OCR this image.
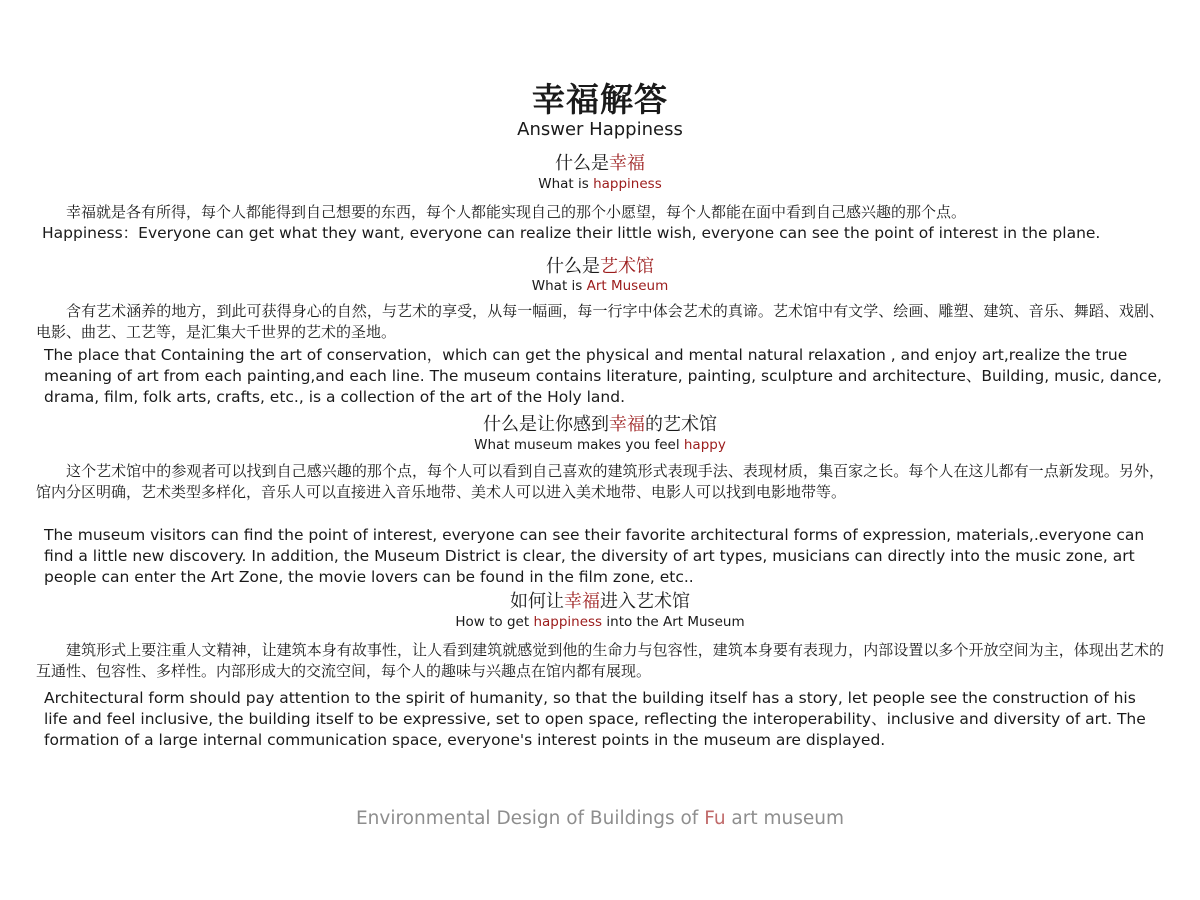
幸福解答
Answer Happiness
什么是幸福
What is happiness
幸福就是各有所得，每个人都能得到自己想要的东西，每个人都能实现自己的那个小愿望，每个人都能在面中看到自己感兴趣的那个点。
Happiness：Everyone can get what they want, everyone can realize their little wish, everyone can see the point of interest in the plane.
什么是艺术馆
What is Art Museum
含有艺术涵养的地方，到此可获得身心的自然，与艺术的享受，从每一幅画，每一行字中体会艺术的真谛。艺术馆中有文学、绘画、雕塑、建筑、音乐、舞蹈、戏剧、电影、曲艺、工艺等，是汇集大千世界的艺术的圣地。
The place that Containing the art of conservation，which can get the physical and mental natural relaxation , and enjoy art,realize the true meaning of art from each painting,and each line. The museum contains literature, painting, sculpture and architecture、Building, music, dance, drama, film, folk arts, crafts, etc., is a collection of the art of the Holy land.
什么是让你感到幸福的艺术馆
What museum makes you feel happy
这个艺术馆中的参观者可以找到自己感兴趣的那个点，每个人可以看到自己喜欢的建筑形式表现手法、表现材质，集百家之长。每个人在这儿都有一点新发现。另外，馆内分区明确，艺术类型多样化，音乐人可以直接进入音乐地带、美术人可以进入美术地带、电影人可以找到电影地带等。
The museum visitors can find the point of interest, everyone can see their favorite architectural forms of expression, materials,.everyone can find a little new discovery. In addition, the Museum District is clear, the diversity of art types, musicians can directly into the music zone, art people can enter the Art Zone, the movie lovers can be found in the film zone, etc..
如何让幸福进入艺术馆
How to get happiness into the Art Museum
建筑形式上要注重人文精神，让建筑本身有故事性，让人看到建筑就感觉到他的生命力与包容性，建筑本身要有表现力，内部设置以多个开放空间为主，体现出艺术的互通性、包容性、多样性。内部形成大的交流空间，每个人的趣味与兴趣点在馆内都有展现。
Architectural form should pay attention to the spirit of humanity, so that the building itself has a story, let people see the construction of his life and feel inclusive, the building itself to be expressive, set to open space, reflecting the interoperability、inclusive and diversity of art. The formation of a large internal communication space, everyone's interest points in the museum are displayed.
Environmental Design of Buildings of Fu art museum
